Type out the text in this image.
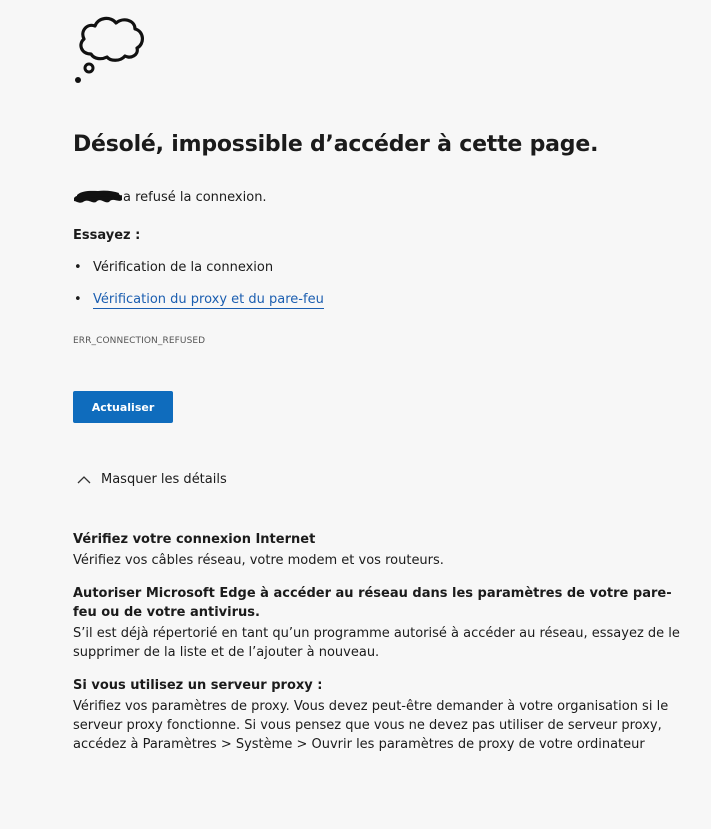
Désolé, impossible d’accéder à cette page.
a refusé la connexion.
Essayez :
• Vérification de la connexion
• Vérification du proxy et du pare-feu
ERR_CONNECTION_REFUSED
Actualiser
Masquer les détails
Vérifiez votre connexion Internet

Vérifiez vos câbles réseau, votre modem et vos routeurs.

Autoriser Microsoft Edge à accéder au réseau dans les paramètres de votre pare-feu ou de votre antivirus.

S’il est déjà répertorié en tant qu’un programme autorisé à accéder au réseau, essayez de le supprimer de la liste et de l’ajouter à nouveau.

Si vous utilisez un serveur proxy :

Vérifiez vos paramètres de proxy. Vous devez peut-être demander à votre organisation si le serveur proxy fonctionne. Si vous pensez que vous ne devez pas utiliser de serveur proxy, accédez à Paramètres > Système > Ouvrir les paramètres de proxy de votre ordinateur
